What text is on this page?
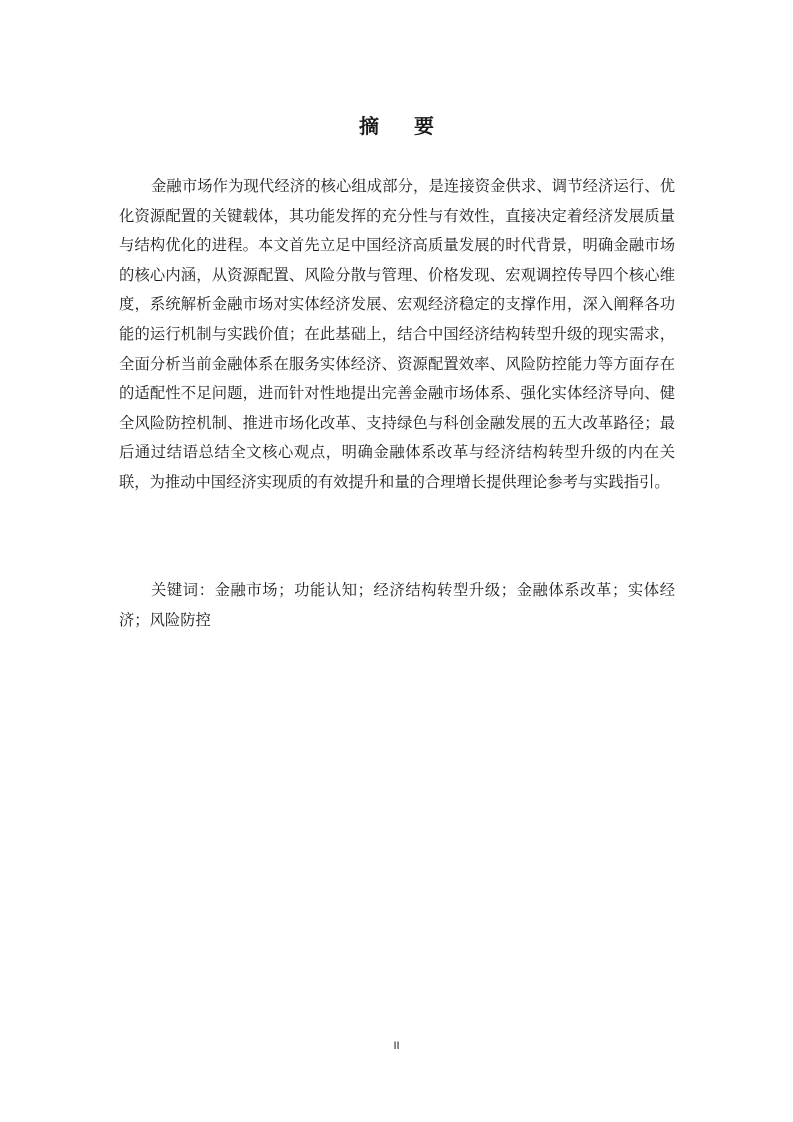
摘 要

金融市场作为现代经济的核心组成部分，是连接资金供求、调节经济运行、优化资源配置的关键载体，其功能发挥的充分性与有效性，直接决定着经济发展质量与结构优化的进程。本文首先立足中国经济高质量发展的时代背景，明确金融市场的核心内涵，从资源配置、风险分散与管理、价格发现、宏观调控传导四个核心维度，系统解析金融市场对实体经济发展、宏观经济稳定的支撑作用，深入阐释各功能的运行机制与实践价值；在此基础上，结合中国经济结构转型升级的现实需求，全面分析当前金融体系在服务实体经济、资源配置效率、风险防控能力等方面存在的适配性不足问题，进而针对性地提出完善金融市场体系、强化实体经济导向、健全风险防控机制、推进市场化改革、支持绿色与科创金融发展的五大改革路径；最后通过结语总结全文核心观点，明确金融体系改革与经济结构转型升级的内在关联，为推动中国经济实现质的有效提升和量的合理增长提供理论参考与实践指引。

关键词：金融市场；功能认知；经济结构转型升级；金融体系改革；实体经济；风险防控

II
